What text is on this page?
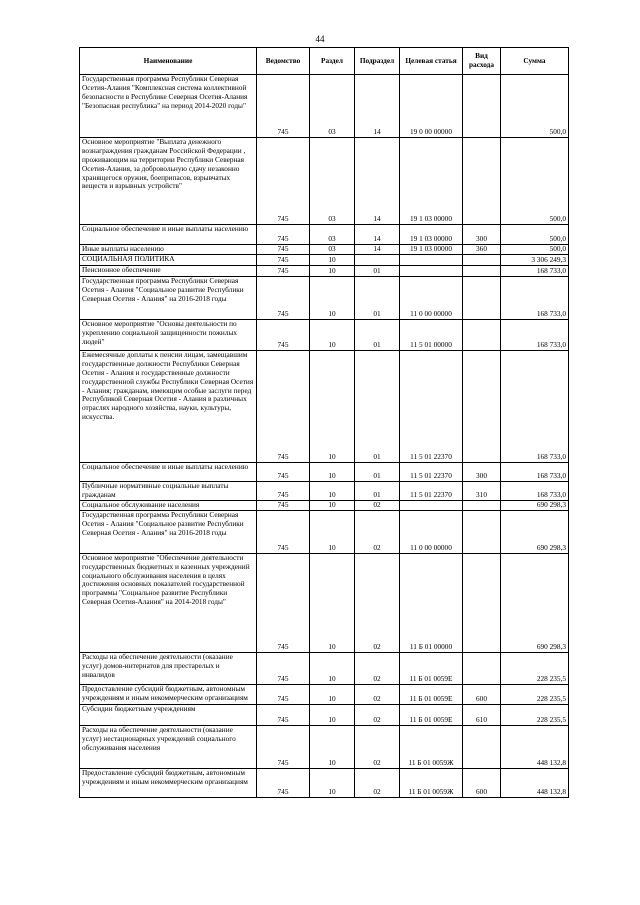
44
Наименование	Ведомство	Раздел	Подраздел	Целевая статья	Вид расхода	Сумма
Государственная программа Республики Северная Осетия-Алания "Комплексная система коллективной безопасности в Республике Северная Осетия-Алания "Безопасная республика" на период 2014-2020 годы"	745	03	14	19 0 00 00000		500,0
Основное мероприятие "Выплата денежного вознаграждения гражданам Российской Федерации , проживающим на территории Республики Северная Осетия-Алания, за добровольную сдачу незаконно хранящегося оружия, боеприпасов, взрывчатых веществ и взрывных устройств"	745	03	14	19 1 03 00000		500,0
Социальное обеспечение и иные выплаты населению	745	03	14	19 1 03 00000	300	500,0
Иные выплаты населению	745	03	14	19 1 03 00000	360	500,0
СОЦИАЛЬНАЯ ПОЛИТИКА	745	10				3 306 249,3
Пенсионное обеспечение	745	10	01			168 733,0
Государственная программа Республики Северная Осетия - Алания "Социальное развитие Республики Северная Осетия - Алания" на 2016-2018 годы	745	10	01	11 0 00 00000		168 733,0
Основное мероприятие "Основы деятельности по укреплению социальной защищенности пожилых людей"	745	10	01	11 5 01 00000		168 733,0
Ежемесячные доплаты к пенсии лицам, замещавшим государственные должности Республики Северная Осетия - Алания и государственные должности государственной службы Республики Северная Осетия - Алания; гражданам, имеющим особые заслуги перед Республикой Северная Осетия - Алания в различных отраслях народного хозяйства, науки, культуры, искусства.	745	10	01	11 5 01 22370		168 733,0
Социальное обеспечение и иные выплаты населению	745	10	01	11 5 01 22370	300	168 733,0
Публичные нормативные социальные выплаты гражданам	745	10	01	11 5 01 22370	310	168 733,0
Социальное обслуживание населения	745	10	02			690 298,3
Государственная программа Республики Северная Осетия - Алания "Социальное развитие Республики Северная Осетия - Алания" на 2016-2018 годы	745	10	02	11 0 00 00000		690 298,3
Основное мероприятие "Обеспечение деятельности государственных бюджетных и казенных учреждений социального обслуживания населения в целях достижения основных показателей государственной программы "Социальное развитие Республики Северная Осетия-Алания" на 2014-2018 годы"	745	10	02	11 Б 01 00000		690 298,3
Расходы на обеспечение деятельности (оказание услуг) домов-интернатов для престарелых и инвалидов	745	10	02	11 Б 01 0059Е		228 235,5
Предоставление субсидий бюджетным, автономным учреждениям и иным некоммерческим организациям	745	10	02	11 Б 01 0059Е	600	228 235,5
Субсидии бюджетным учреждениям	745	10	02	11 Б 01 0059Е	610	228 235,5
Расходы на обеспечение деятельности (оказание услуг) нестационарных учреждений социального обслуживания населения	745	10	02	11 Б 01 0059Ж		448 132,8
Предоставление субсидий бюджетным, автономным учреждениям и иным некоммерческим организациям	745	10	02	11 Б 01 0059Ж	600	448 132,8
